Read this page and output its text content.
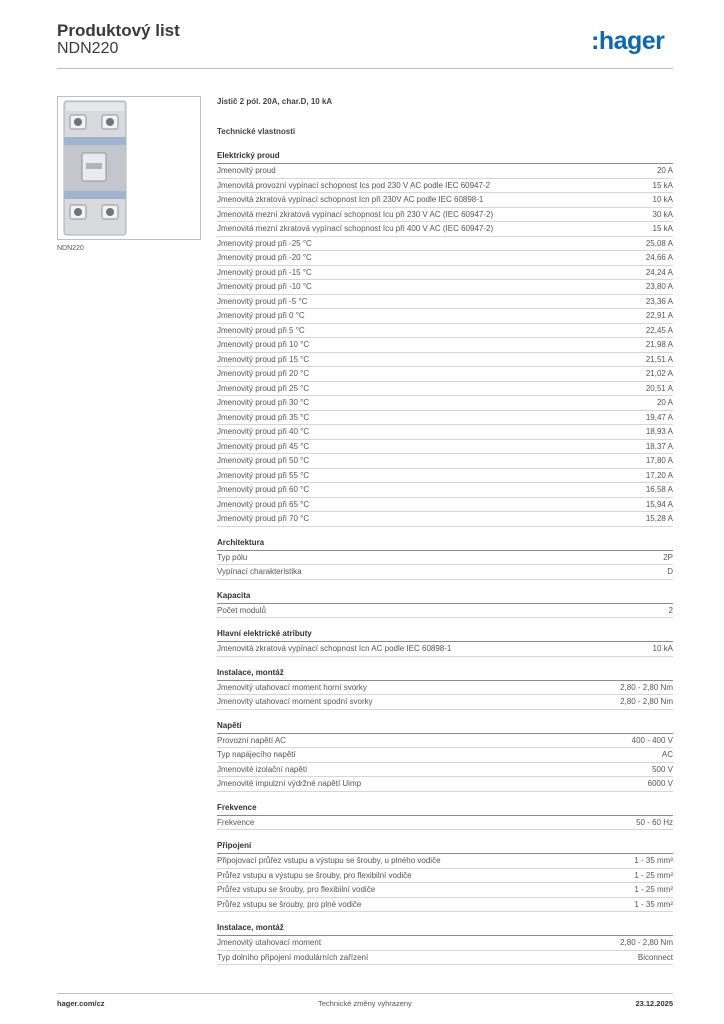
Produktový list
NDN220	:hager
NDN220
Jistič 2 pól. 20A, char.D, 10 kA
Technické vlastnosti
Elektrický proud
Jmenovitý proud	20 A
Jmenovitá provozní vypínací schopnost Ics pod 230 V AC podle IEC 60947-2	15 kA
Jmenovitá zkratová vypínací schopnost Icn při 230V AC podle IEC 60898-1	10 kA
Jmenovitá mezní zkratová vypínací schopnost Icu při 230 V AC (IEC 60947-2)	30 kA
Jmenovitá mezní zkratová vypínací schopnost Icu při 400 V AC (IEC 60947-2)	15 kA
Jmenovitý proud při -25 °C	25,08 A
Jmenovitý proud při -20 °C	24,66 A
Jmenovitý proud při -15 °C	24,24 A
Jmenovitý proud při -10 °C	23,80 A
Jmenovitý proud při -5 °C	23,36 A
Jmenovitý proud při 0 °C	22,91 A
Jmenovitý proud při 5 °C	22,45 A
Jmenovitý proud při 10 °C	21,98 A
Jmenovitý proud při 15 °C	21,51 A
Jmenovitý proud při 20 °C	21,02 A
Jmenovitý proud při 25 °C	20,51 A
Jmenovitý proud při 30 °C	20 A
Jmenovitý proud při 35 °C	19,47 A
Jmenovitý proud při 40 °C	18,93 A
Jmenovitý proud při 45 °C	18,37 A
Jmenovitý proud při 50 °C	17,80 A
Jmenovitý proud při 55 °C	17,20 A
Jmenovitý proud při 60 °C	16,58 A
Jmenovitý proud při 65 °C	15,94 A
Jmenovitý proud při 70 °C	15,28 A
Architektura
Typ pólu	2P
Vypínací charakteristika	D
Kapacita
Počet modulů	2
Hlavní elektrické atributy
Jmenovitá zkratová vypínací schopnost Icn AC podle IEC 60898-1	10 kA
Instalace, montáž
Jmenovitý utahovací moment horní svorky	2,80 - 2,80 Nm
Jmenovitý utahovací moment spodní svorky	2,80 - 2,80 Nm
Napětí
Provozní napětí AC	400 - 400 V
Typ napájecího napětí	AC
Jmenovité izolační napětí	500 V
Jmenovité impulzní výdržné napětí Uimp	6000 V
Frekvence
Frekvence	50 - 60 Hz
Připojení
Připojovací průřez vstupu a výstupu se šrouby, u plného vodiče	1 - 35 mm²
Průřez vstupu a výstupu se šrouby, pro flexibilní vodiče	1 - 25 mm²
Průřez vstupu se šrouby, pro flexibilní vodiče	1 - 25 mm²
Průřez vstupu se šrouby, pro plné vodiče	1 - 35 mm²
Instalace, montáž
Jmenovitý utahovací moment	2,80 - 2,80 Nm
Typ dolního připojení modulárních zařízení	Biconnect
hager.com/cz	Technické změny vyhrazeny	23.12.2025
